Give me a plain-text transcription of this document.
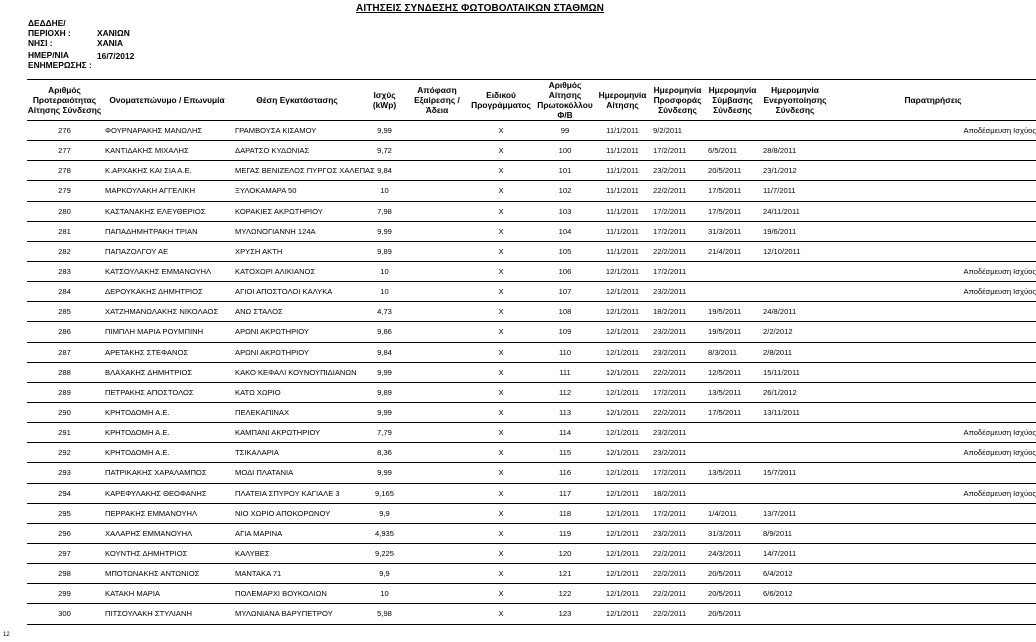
ΑΙΤΗΣΕΙΣ ΣΥΝΔΕΣΗΣ ΦΩΤΟΒΟΛΤΑΙΚΩΝ ΣΤΑΘΜΩΝ
ΔΕΔΔΗΕ/ ΠΕΡΙΟΧΗ :	ΧΑΝΙΩΝ
ΝΗΣΙ :	ΧΑΝΙΑ
ΗΜΕΡ/ΝΙΑ ΕΝΗΜΕΡΩΣΗΣ :
16/7/2012
Αριθμός Προτεραιότητας Αίτησης Σύνδεσης	Ονοματεπώνυμο / Επωνυμία	Θέση Εγκατάστασης	Ισχύς (kWp)	Απόφαση Εξαίρεσης / Άδεια	Ειδικού Προγράμματος	Αριθμός Αίτησης Πρωτοκόλλου Φ/Β	Ημερομηνία Αίτησης	Ημερομηνία Προσφοράς Σύνδεσης	Ημερομηνία Σύμβασης Σύνδεσης	Ημερομηνία Ενεργοποίησης Σύνδεσης	Παρατηρήσεις
276	ΦΟΥΡΝΑΡΑΚΗΣ ΜΑΝΩΛΗΣ	ΓΡΑΜΒΟΥΣΑ ΚΙΣΑΜΟΥ	9,99		Χ	99	11/1/2011	9/2/2011			Αποδέσμευση Ισχύος
277	ΚΑΝΤΙΔΑΚΗΣ ΜΙΧΑΛΗΣ	ΔΑΡΑΤΣΟ ΚΥΔΩΝΙΑΣ	9,72		Χ	100	11/1/2011	17/2/2011	6/5/2011	28/8/2011	
278	Κ.ΑΡΧΑΚΗΣ ΚΑΙ ΣΙΑ Α.Ε.	ΜΕΓΑΣ ΒΕΝΙΖΕΛΟΣ ΠΥΡΓΟΣ ΧΑΛΕΠΑΣ	9,84		Χ	101	11/1/2011	23/2/2011	20/5/2011	23/1/2012	
279	ΜΑΡΚΟΥΛΑΚΗ ΑΓΓΕΛΙΚΗ	ΞΥΛΟΚΑΜΑΡΑ 50	10		Χ	102	11/1/2011	22/2/2011	17/5/2011	11/7/2011	
280	ΚΑΣΤΑΝΑΚΗΣ ΕΛΕΥΘΕΡΙΟΣ	ΚΟΡΑΚΙΕΣ ΑΚΡΩΤΗΡΙΟΥ	7,98		Χ	103	11/1/2011	17/2/2011	17/5/2011	24/11/2011	
281	ΠΑΠΑΔΗΜΗΤΡΑΚΗ ΤΡΙΑΝ	ΜΥΛΩΝΟΓΙΑΝΝΗ 124Α	9,99		Χ	104	11/1/2011	17/2/2011	31/3/2011	19/6/2011	
282	ΠΑΠΑΖΟΛΓΟΥ ΑΕ	ΧΡΥΣΗ ΑΚΤΗ	9,89		Χ	105	11/1/2011	22/2/2011	21/4/2011	12/10/2011	
283	ΚΑΤΣΟΥΛΑΚΗΣ ΕΜΜΑΝΟΥΗΛ	ΚΑΤΟΧΩΡΙ ΑΛΙΚΙΑΝΟΣ	10		Χ	106	12/1/2011	17/2/2011			Αποδέσμευση Ισχύος
284	ΔΕΡΟΥΚΑΚΗΣ ΔΗΜΗΤΡΙΟΣ	ΑΓΙΟΙ ΑΠΟΣΤΟΛΟΙ ΚΑΛΥΚΑ	10		Χ	107	12/1/2011	23/2/2011			Αποδέσμευση Ισχύος
285	ΧΑΤΖΗΜΑΝΩΛΑΚΗΣ ΝΙΚΟΛΑΟΣ	ΑΝΩ ΣΤΑΛΟΣ	4,73		Χ	108	12/1/2011	18/2/2011	19/5/2011	24/8/2011	
286	ΠΙΜΠΛΗ ΜΑΡΙΑ ΡΟΥΜΠΙΝΗ	ΑΡΩΝΙ ΑΚΡΩΤΗΡΙΟΥ	9,86		Χ	109	12/1/2011	23/2/2011	19/5/2011	2/2/2012	
287	ΑΡΕΤΑΚΗΣ ΣΤΕΦΑΝΟΣ	ΑΡΩΝΙ ΑΚΡΩΤΗΡΙΟΥ	9,84		Χ	110	12/1/2011	23/2/2011	8/3/2011	2/8/2011	
288	ΒΛΑΧΑΚΗΣ ΔΗΜΗΤΡΙΟΣ	ΚΑΚΟ ΚΕΦΑΛΙ ΚΟΥΝΟΥΠΙΔΙΑΝΩΝ	9,99		Χ	111	12/1/2011	22/2/2011	12/5/2011	15/11/2011	
289	ΠΕΤΡΑΚΗΣ ΑΠΟΣΤΟΛΟΣ	ΚΑΤΩ ΧΩΡΙΟ	9,89		Χ	112	12/1/2011	17/2/2011	13/5/2011	26/1/2012	
290	ΚΡΗΤΟΔΟΜΗ Α.Ε.	ΠΕΛΕΚΑΠΙΝΑΧ	9,99		Χ	113	12/1/2011	22/2/2011	17/5/2011	13/11/2011	
291	ΚΡΗΤΟΔΟΜΗ Α.Ε.	ΚΑΜΠΑΝΙ ΑΚΡΩΤΗΡΙΟΥ	7,79		Χ	114	12/1/2011	23/2/2011			Αποδέσμευση Ισχύος
292	ΚΡΗΤΟΔΟΜΗ Α.Ε.	ΤΣΙΚΑΛΑΡΙΑ	8,36		Χ	115	12/1/2011	23/2/2011			Αποδέσμευση Ισχύος
293	ΠΑΤΡΙΚΑΚΗΣ ΧΑΡΑΛΑΜΠΟΣ	ΜΟΔΙ ΠΛΑΤΑΝΙΑ	9,99		Χ	116	12/1/2011	17/2/2011	13/5/2011	15/7/2011	
294	ΚΑΡΕΦΥΛΑΚΗΣ ΘΕΟΦΑΝΗΣ	ΠΛΑΤΕΙΑ ΣΠΥΡΟΥ ΚΑΓΙΑΛΕ 3	9,165		Χ	117	12/1/2011	18/2/2011			Αποδέσμευση Ισχύος
295	ΠΕΡΡΑΚΗΣ ΕΜΜΑΝΟΥΗΛ	ΝΙΟ ΧΩΡΙΟ ΑΠΟΚΟΡΩΝΟΥ	9,9		Χ	118	12/1/2011	17/2/2011	1/4/2011	13/7/2011	
296	ΧΑΛΑΡΗΣ ΕΜΜΑΝΟΥΗΛ	ΑΓΙΑ ΜΑΡΙΝΑ	4,935		Χ	119	12/1/2011	23/2/2011	31/3/2011	8/9/2011	
297	ΚΟΥΝΤΗΣ ΔΗΜΗΤΡΙΟΣ	ΚΑΛΥΒΕΣ	9,225		Χ	120	12/1/2011	22/2/2011	24/3/2011	14/7/2011	
298	ΜΠΟΤΩΝΑΚΗΣ ΑΝΤΩΝΙΟΣ	ΜΑΝΤΑΚΑ 71	9,9		Χ	121	12/1/2011	22/2/2011	20/5/2011	6/4/2012	
299	ΚΑΤΑΚΗ ΜΑΡΙΑ	ΠΟΛΕΜΑΡΧΙ ΒΟΥΚΟΛΙΩΝ	10		Χ	122	12/1/2011	22/2/2011	20/5/2011	6/6/2012	
300	ΠΙΤΣΟΥΛΑΚΗ ΣΤΥΛΙΑΝΗ	ΜΥΛΩΝΙΑΝΑ ΒΑΡΥΠΕΤΡΟΥ	5,98		Χ	123	12/1/2011	22/2/2011	20/5/2011		
12
